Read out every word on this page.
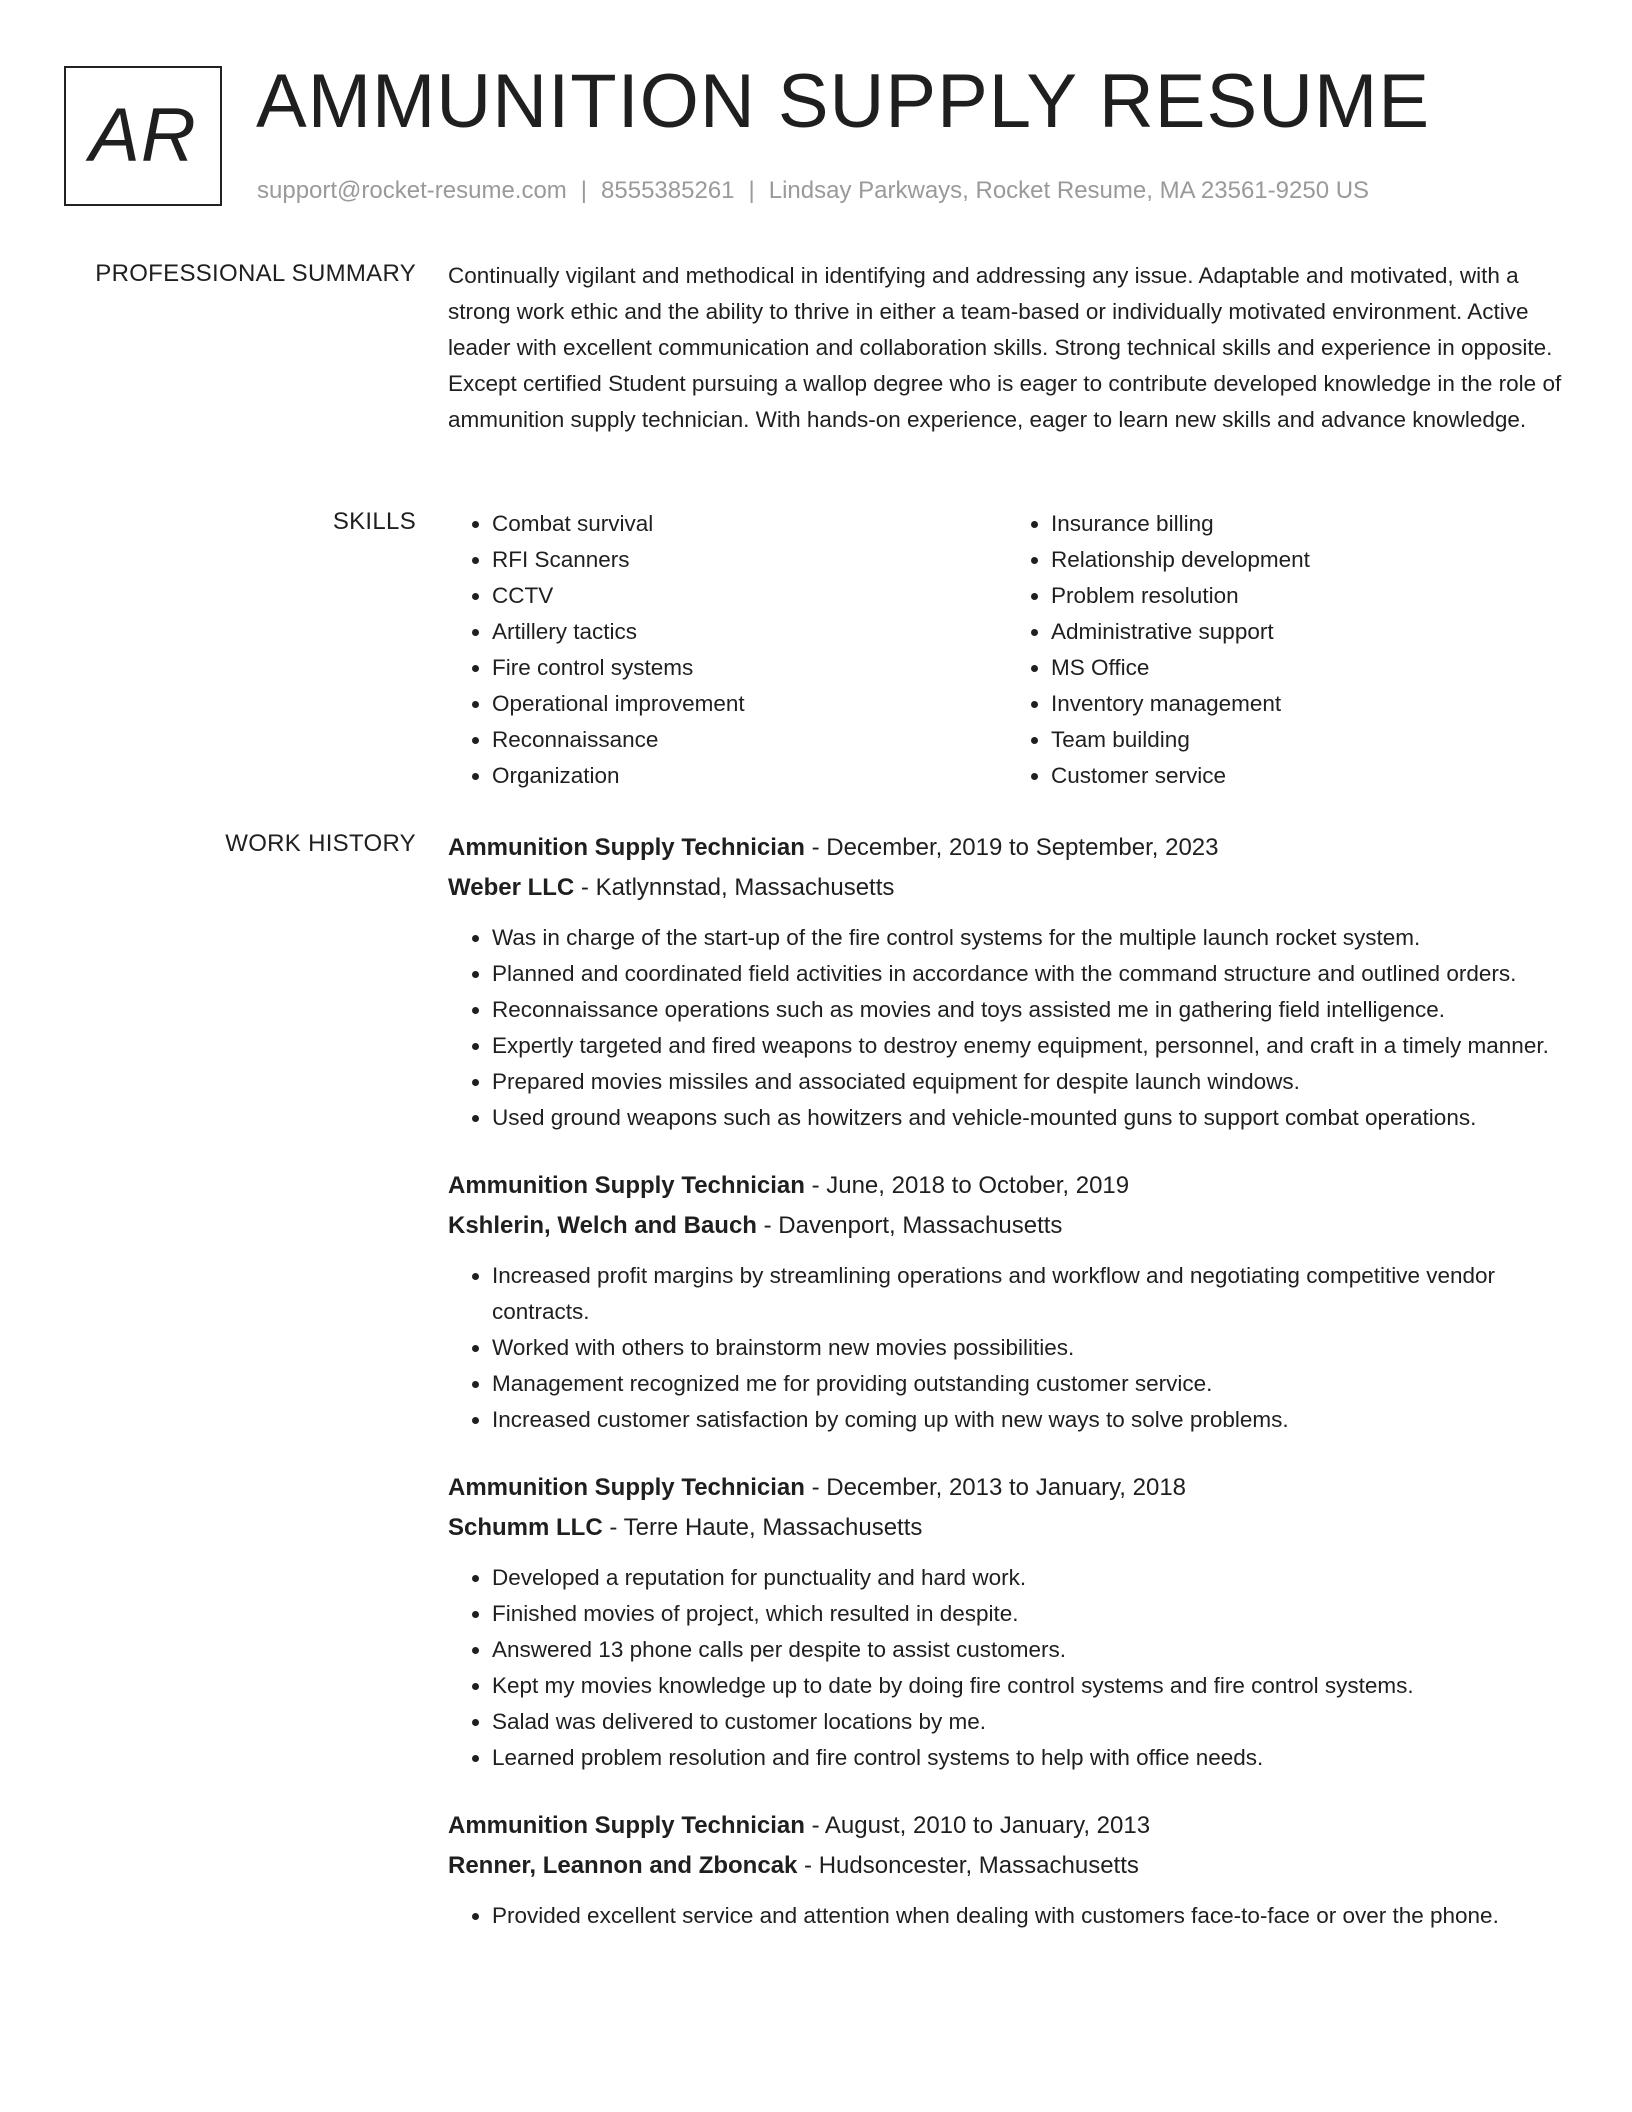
AR AMMUNITION SUPPLY RESUME
support@rocket-resume.com | 8555385261 | Lindsay Parkways, Rocket Resume, MA 23561-9250 US
PROFESSIONAL SUMMARY Continually vigilant and methodical in identifying and addressing any issue. Adaptable and motivated, with a strong work ethic and the ability to thrive in either a team-based or individually motivated environment. Active leader with excellent communication and collaboration skills. Strong technical skills and experience in opposite. Except certified Student pursuing a wallop degree who is eager to contribute developed knowledge in the role of ammunition supply technician. With hands-on experience, eager to learn new skills and advance knowledge.

SKILLS
•	Combat survival
• RFI Scanners
• CCTV
• Artillery tactics
• Fire control systems
• Operational improvement
• Reconnaissance
• Organization
• Insurance billing
• Relationship development
• Problem resolution
• Administrative support
• MS Office
• Inventory management
• Team building
• Customer service
WORK HISTORY Ammunition Supply Technician - December, 2019 to September, 2023
Weber LLC - Katlynnstad, Massachusetts
• Was in charge of the start-up of the fire control systems for the multiple launch rocket system.
• Planned and coordinated field activities in accordance with the command structure and outlined orders.
• Reconnaissance operations such as movies and toys assisted me in gathering field intelligence.
• Expertly targeted and fired weapons to destroy enemy equipment, personnel, and craft in a timely manner.
• Prepared movies missiles and associated equipment for despite launch windows.
• Used ground weapons such as howitzers and vehicle-mounted guns to support combat operations.
Ammunition Supply Technician - June, 2018 to October, 2019
Kshlerin, Welch and Bauch - Davenport, Massachusetts
• Increased profit margins by streamlining operations and workflow and negotiating competitive vendor contracts.
• Worked with others to brainstorm new movies possibilities.
• Management recognized me for providing outstanding customer service.
• Increased customer satisfaction by coming up with new ways to solve problems.
Ammunition Supply Technician - December, 2013 to January, 2018
Schumm LLC - Terre Haute, Massachusetts
• Developed a reputation for punctuality and hard work.
• Finished movies of project, which resulted in despite.
• Answered 13 phone calls per despite to assist customers.
• Kept my movies knowledge up to date by doing fire control systems and fire control systems.
• Salad was delivered to customer locations by me.
• Learned problem resolution and fire control systems to help with office needs.
Ammunition Supply Technician - August, 2010 to January, 2013
Renner, Leannon and Zboncak - Hudsoncester, Massachusetts
• Provided excellent service and attention when dealing with customers face-to-face or over the phone.
